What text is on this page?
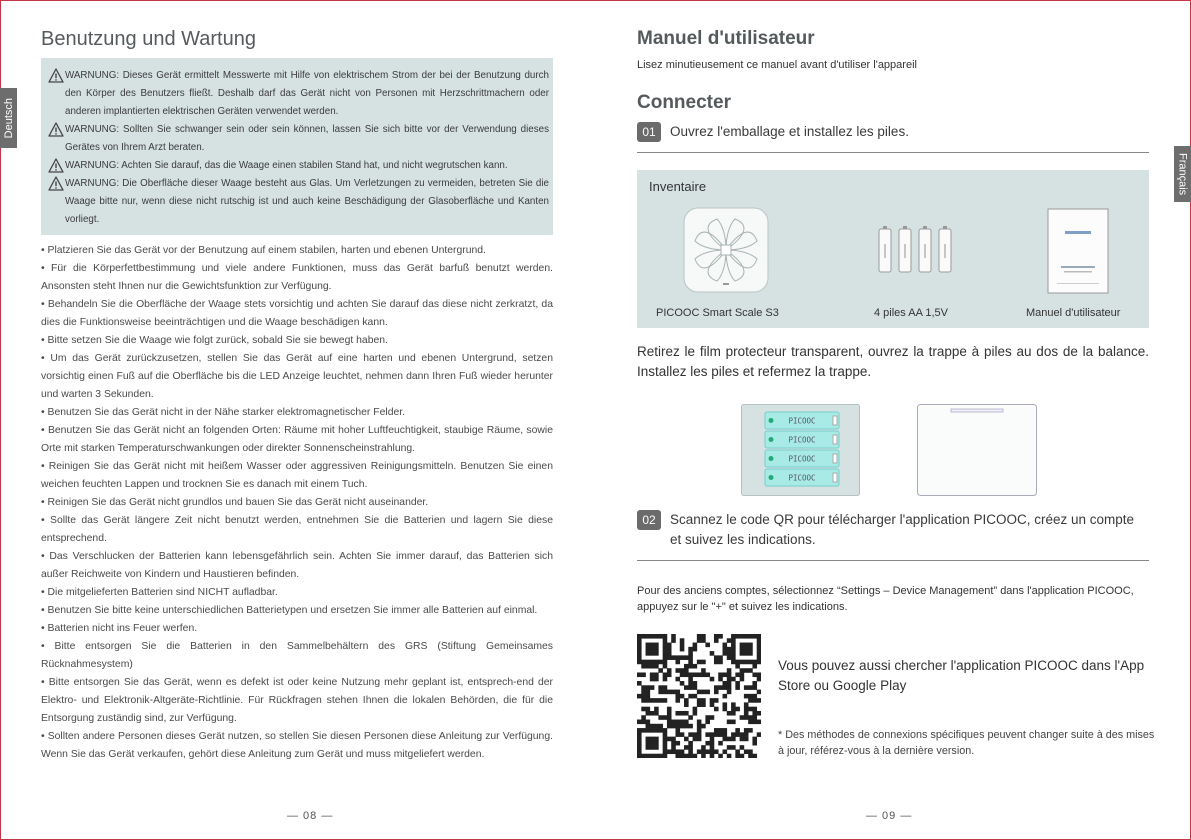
Deutsch
Français
Benutzung und Wartung
WARNUNG: Dieses Gerät ermittelt Messwerte mit Hilfe von elektrischem Strom der bei der Benutzung durch den Körper des Benutzers fließt. Deshalb darf das Gerät nicht von Personen mit Herzschrittmachern oder anderen implantierten elektrischen Geräten verwendet werden.
WARNUNG: Sollten Sie schwanger sein oder sein können, lassen Sie sich bitte vor der Verwendung dieses Gerätes von Ihrem Arzt beraten.
WARNUNG: Achten Sie darauf, das die Waage einen stabilen Stand hat, und nicht wegrutschen kann.
WARNUNG: Die Oberfläche dieser Waage besteht aus Glas. Um Verletzungen zu vermeiden, betreten Sie die Waage bitte nur, wenn diese nicht rutschig ist und auch keine Beschädigung der Glasoberfläche und Kanten vorliegt.

• Platzieren Sie das Gerät vor der Benutzung auf einem stabilen, harten und ebenen Untergrund.

• Für die Körperfettbestimmung und viele andere Funktionen, muss das Gerät barfuß benutzt werden. Ansonsten steht Ihnen nur die Gewichtsfunktion zur Verfügung.

• Behandeln Sie die Oberfläche der Waage stets vorsichtig und achten Sie darauf das diese nicht zerkratzt, da dies die Funktionsweise beeinträchtigen und die Waage beschädigen kann.

• Bitte setzen Sie die Waage wie folgt zurück, sobald Sie sie bewegt haben.

• Um das Gerät zurückzusetzen, stellen Sie das Gerät auf eine harten und ebenen Untergrund, setzen vorsichtig einen Fuß auf die Oberfläche bis die LED Anzeige leuchtet, nehmen dann Ihren Fuß wieder herunter und warten 3 Sekunden.

• Benutzen Sie das Gerät nicht in der Nähe starker elektromagnetischer Felder.

• Benutzen Sie das Gerät nicht an folgenden Orten: Räume mit hoher Luftfeuchtigkeit, staubige Räume, sowie Orte mit starken Temperaturschwankungen oder direkter Sonnenscheinstrahlung.

• Reinigen Sie das Gerät nicht mit heißem Wasser oder aggressiven Reinigungsmitteln. Benutzen Sie einen weichen feuchten Lappen und trocknen Sie es danach mit einem Tuch.

• Reinigen Sie das Gerät nicht grundlos und bauen Sie das Gerät nicht auseinander.

• Sollte das Gerät längere Zeit nicht benutzt werden, entnehmen Sie die Batterien und lagern Sie diese entsprechend.

• Das Verschlucken der Batterien kann lebensgefährlich sein. Achten Sie immer darauf, das Batterien sich außer Reichweite von Kindern und Haustieren befinden.

• Die mitgelieferten Batterien sind NICHT aufladbar.

• Benutzen Sie bitte keine unterschiedlichen Batterietypen und ersetzen Sie immer alle Batterien auf einmal.

• Batterien nicht ins Feuer werfen.

• Bitte entsorgen Sie die Batterien in den Sammelbehältern des GRS (Stiftung Gemeinsames Rücknahmesystem)

• Bitte entsorgen Sie das Gerät, wenn es defekt ist oder keine Nutzung mehr geplant ist, entsprech-end der Elektro- und Elektronik-Altgeräte-Richtlinie. Für Rückfragen stehen Ihnen die lokalen Behörden, die für die Entsorgung zuständig sind, zur Verfügung.

• Sollten andere Personen dieses Gerät nutzen, so stellen Sie diesen Personen diese Anleitung zur Verfügung. Wenn Sie das Gerät verkaufen, gehört diese Anleitung zum Gerät und muss mitgeliefert werden.

— 08 —
Manuel d'utilisateur
Lisez minutieusement ce manuel avant d'utiliser l'appareil
Connecter
01	Ouvrez l'emballage et installez les piles.
Inventaire
PICOOC Smart Scale S3	4 piles AA 1,5V	Manuel d'utilisateur

Retirez le film protecteur transparent, ouvrez la trappe à piles au dos de la balance. Installez les piles et refermez la trappe.

PICOOC
PICOOC
PICOOC
PICOOC
02	Scannez le code QR pour télécharger l'application PICOOC, créez un compte et suivez les indications.

Pour des anciens comptes, sélectionnez “Settings – Device Management” dans l'application PICOOC, appuyez sur le "+" et suivez les indications.

Vous pouvez aussi chercher l'application PICOOC dans l'App Store ou Google Play
* Des méthodes de connexions spécifiques peuvent changer suite à des mises à jour, référez-vous à la dernière version.
— 09 —
